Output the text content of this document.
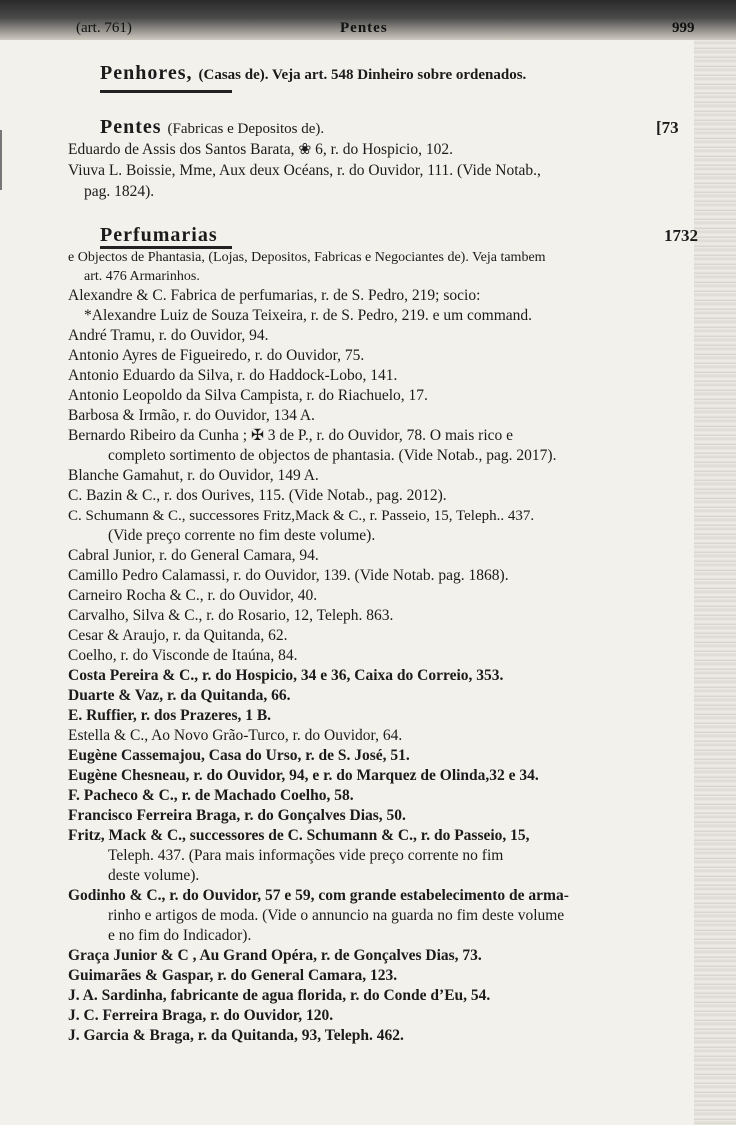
(art. 761)	Pentes	999
Penhores, (Casas de). Veja art. 548 Dinheiro sobre ordenados.
Pentes (Fabricas e Depositos de).	[73
Eduardo de Assis dos Santos Barata, ❀ 6, r. do Hospicio, 102.
Viuva L. Boissie, Mme, Aux deux Océans, r. do Ouvidor, 111. (Vide Notab.,
pag. 1824).
Perfumarias	1732
e Objectos de Phantasia, (Lojas, Depositos, Fabricas e Negociantes de). Veja tambem
art. 476 Armarinhos.
Alexandre & C. Fabrica de perfumarias, r. de S. Pedro, 219; socio:
*Alexandre Luiz de Souza Teixeira, r. de S. Pedro, 219. e um command.
André Tramu, r. do Ouvidor, 94.
Antonio Ayres de Figueiredo, r. do Ouvidor, 75.
Antonio Eduardo da Silva, r. do Haddock-Lobo, 141.
Antonio Leopoldo da Silva Campista, r. do Riachuelo, 17.
Barbosa & Irmão, r. do Ouvidor, 134 A.
Bernardo Ribeiro da Cunha ; ✠ 3 de P., r. do Ouvidor, 78. O mais rico e
completo sortimento de objectos de phantasia. (Vide Notab., pag. 2017).
Blanche Gamahut, r. do Ouvidor, 149 A.
C. Bazin & C., r. dos Ourives, 115. (Vide Notab., pag. 2012).
C. Schumann & C., successores Fritz,Mack & C., r. Passeio, 15, Teleph.. 437.
(Vide preço corrente no fim deste volume).
Cabral Junior, r. do General Camara, 94.
Camillo Pedro Calamassi, r. do Ouvidor, 139. (Vide Notab. pag. 1868).
Carneiro Rocha & C., r. do Ouvidor, 40.
Carvalho, Silva & C., r. do Rosario, 12, Teleph. 863.
Cesar & Araujo, r. da Quitanda, 62.
Coelho, r. do Visconde de Itaúna, 84.
Costa Pereira & C., r. do Hospicio, 34 e 36, Caixa do Correio, 353.
Duarte & Vaz, r. da Quitanda, 66.
E. Ruffier, r. dos Prazeres, 1 B.
Estella & C., Ao Novo Grão-Turco, r. do Ouvidor, 64.
Eugène Cassemajou, Casa do Urso, r. de S. José, 51.
Eugène Chesneau, r. do Ouvidor, 94, e r. do Marquez de Olinda,32 e 34.
F. Pacheco & C., r. de Machado Coelho, 58.
Francisco Ferreira Braga, r. do Gonçalves Dias, 50.
Fritz, Mack & C., successores de C. Schumann & C., r. do Passeio, 15,
Teleph. 437. (Para mais informações vide preço corrente no fim
deste volume).
Godinho & C., r. do Ouvidor, 57 e 59, com grande estabelecimento de arma-
rinho e artigos de moda. (Vide o annuncio na guarda no fim deste volume
e no fim do Indicador).
Graça Junior & C , Au Grand Opéra, r. de Gonçalves Dias, 73.
Guimarães & Gaspar, r. do General Camara, 123.
J. A. Sardinha, fabricante de agua florida, r. do Conde d’Eu, 54.
J. C. Ferreira Braga, r. do Ouvidor, 120.
J. Garcia & Braga, r. da Quitanda, 93, Teleph. 462.
